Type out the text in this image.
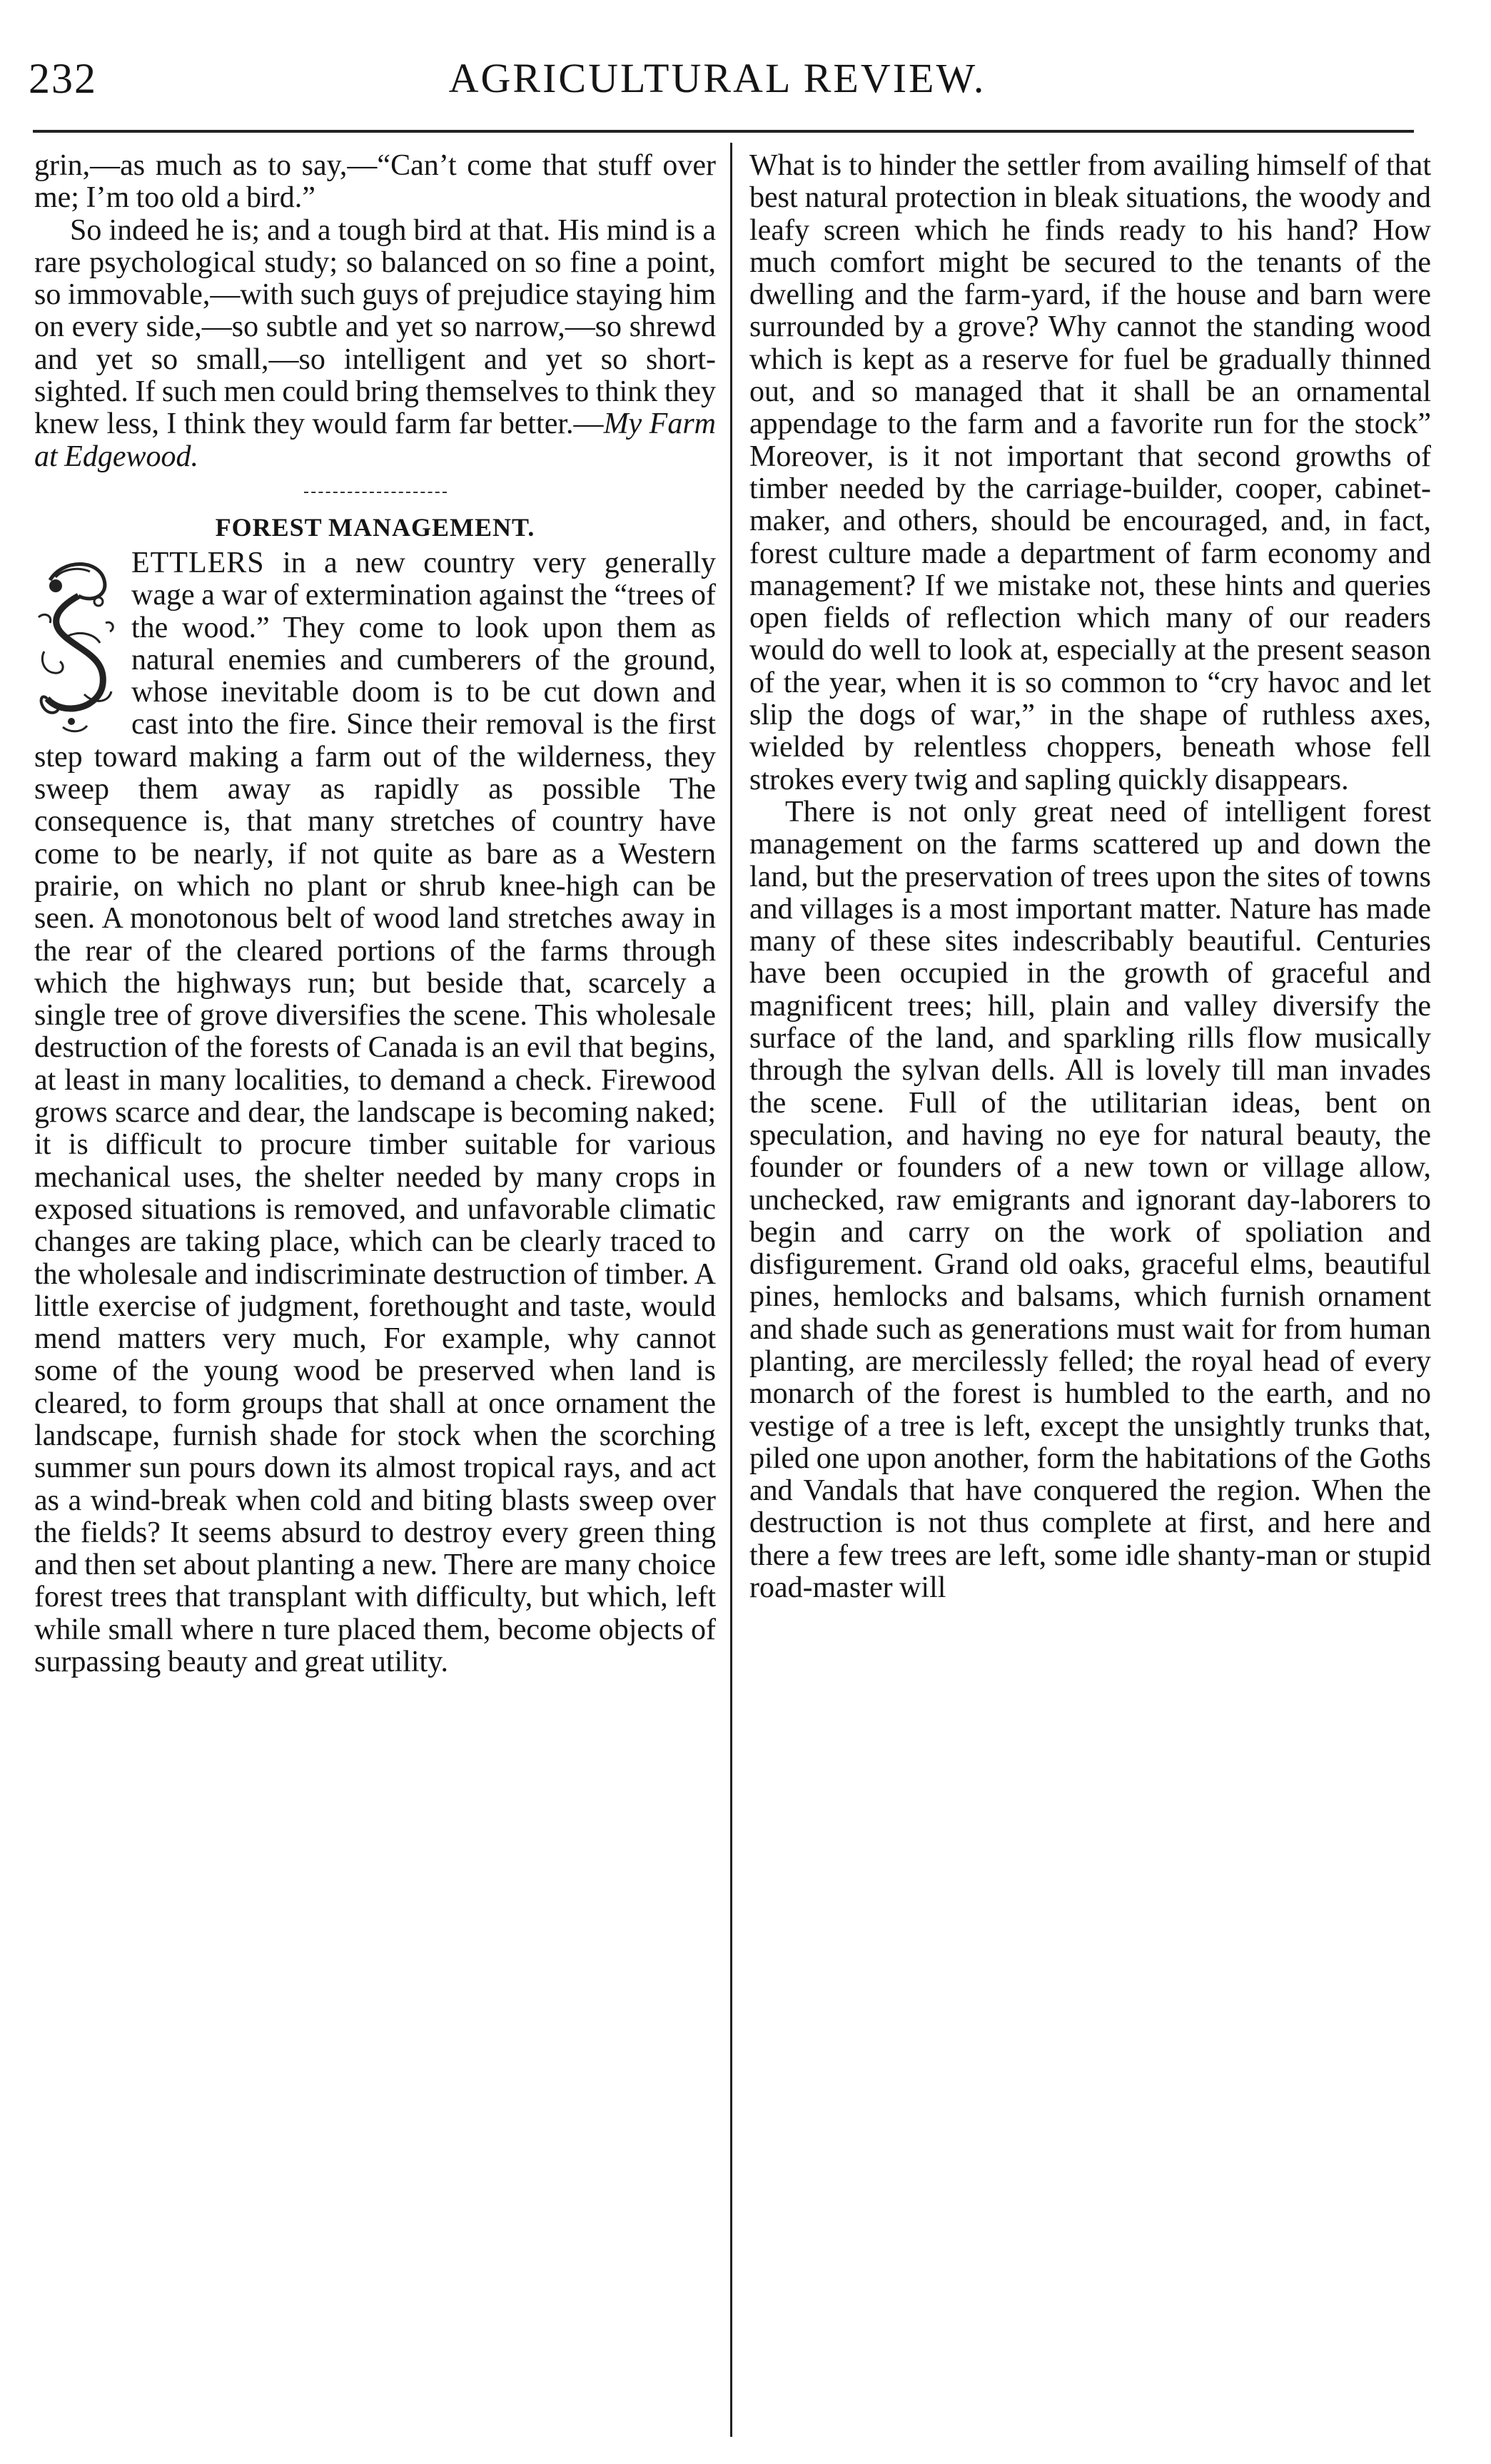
232	AGRICULTURAL REVIEW.

grin,—as much as to say,—“Can’t come that stuff over me; I’m too old a bird.”

So indeed he is; and a tough bird at that. His mind is a rare psychological study; so balanced on so fine a point, so immovable,—with such guys of prejudice staying him on every side,—so subtle and yet so narrow,—so shrewd and yet so small,—so intelligent and yet so short-sighted. If such men could bring themselves to think they knew less, I think they would farm far better.—My Farm at Edgewood.

FOREST MANAGEMENT.

ETTLERS in a new country very generally wage a war of extermination against the “trees of the wood.” They come to look upon them as natural enemies and cumberers of the ground, whose inevitable doom is to be cut down and cast into the fire. Since their removal is the first step toward making a farm out of the wilderness, they sweep them away as rapidly as possible The consequence is, that many stretches of country have come to be nearly, if not quite as bare as a Western prairie, on which no plant or shrub knee-high can be seen. A monotonous belt of wood land stretches away in the rear of the cleared portions of the farms through which the highways run; but beside that, scarcely a single tree of grove diversifies the scene. This wholesale destruction of the forests of Canada is an evil that begins, at least in many localities, to demand a check. Firewood grows scarce and dear, the landscape is becoming naked; it is difficult to procure timber suitable for various mechanical uses, the shelter needed by many crops in exposed situations is removed, and unfavorable climatic changes are taking place, which can be clearly traced to the wholesale and indiscriminate destruction of timber. A little exercise of judgment, forethought and taste, would mend matters very much, For example, why cannot some of the young wood be preserved when land is cleared, to form groups that shall at once ornament the landscape, furnish shade for stock when the scorching summer sun pours down its almost tropical rays, and act as a wind-break when cold and biting blasts sweep over the fields? It seems absurd to destroy every green thing and then set about planting a new. There are many choice forest trees that transplant with difficulty, but which, left while small where n ture placed them, become objects of surpassing beauty and great utility.

What is to hinder the settler from availing himself of that best natural protection in bleak situations, the woody and leafy screen which he finds ready to his hand? How much comfort might be secured to the tenants of the dwelling and the farm-yard, if the house and barn were surrounded by a grove? Why cannot the standing wood which is kept as a reserve for fuel be gradually thinned out, and so managed that it shall be an ornamental appendage to the farm and a favorite run for the stock” Moreover, is it not important that second growths of timber needed by the carriage-builder, cooper, cabinet-maker, and others, should be encouraged, and, in fact, forest culture made a department of farm economy and management? If we mistake not, these hints and queries open fields of reflection which many of our readers would do well to look at, especially at the present season of the year, when it is so common to “cry havoc and let slip the dogs of war,” in the shape of ruthless axes, wielded by relentless choppers, beneath whose fell strokes every twig and sapling quickly disappears.

There is not only great need of intelligent forest management on the farms scattered up and down the land, but the preservation of trees upon the sites of towns and villages is a most important matter. Nature has made many of these sites indescribably beautiful. Centuries have been occupied in the growth of graceful and magnificent trees; hill, plain and valley diversify the surface of the land, and sparkling rills flow musically through the sylvan dells. All is lovely till man invades the scene. Full of the utilitarian ideas, bent on speculation, and having no eye for natural beauty, the founder or founders of a new town or village allow, unchecked, raw emigrants and ignorant day-laborers to begin and carry on the work of spoliation and disfigurement. Grand old oaks, graceful elms, beautiful pines, hemlocks and balsams, which furnish ornament and shade such as generations must wait for from human planting, are mercilessly felled; the royal head of every monarch of the forest is humbled to the earth, and no vestige of a tree is left, except the unsightly trunks that, piled one upon another, form the habitations of the Goths and Vandals that have conquered the region. When the destruction is not thus complete at first, and here and there a few trees are left, some idle shanty-man or stupid road-master will
